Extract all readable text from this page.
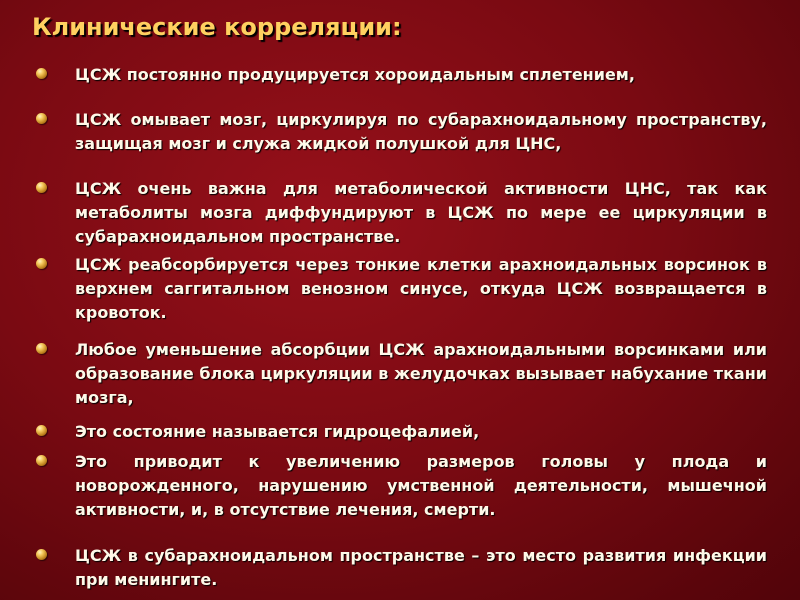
Клинические корреляции:
ЦСЖ постоянно продуцируется хороидальным сплетением,
ЦСЖ омывает мозг, циркулируя по субарахноидальному пространству, защищая мозг и служа жидкой полушкой для ЦНС,
ЦСЖ очень важна для метаболической активности ЦНС, так как метаболиты мозга диффундируют в ЦСЖ по мере ее циркуляции в субарахноидальном пространстве.
ЦСЖ реабсорбируется через тонкие клетки арахноидальных ворсинок в верхнем саггитальном венозном синусе, откуда ЦСЖ возвращается в кровоток.
Любое уменьшение абсорбции ЦСЖ арахноидальными ворсинками или образование блока циркуляции в желудочках вызывает набухание ткани мозга,
Это состояние называется гидроцефалией,
Это приводит к увеличению размеров головы у плода и новорожденного, нарушению умственной деятельности, мышечной активности, и, в отсутствие лечения, смерти.
ЦСЖ в субарахноидальном пространстве – это место развития инфекции при менингите.
